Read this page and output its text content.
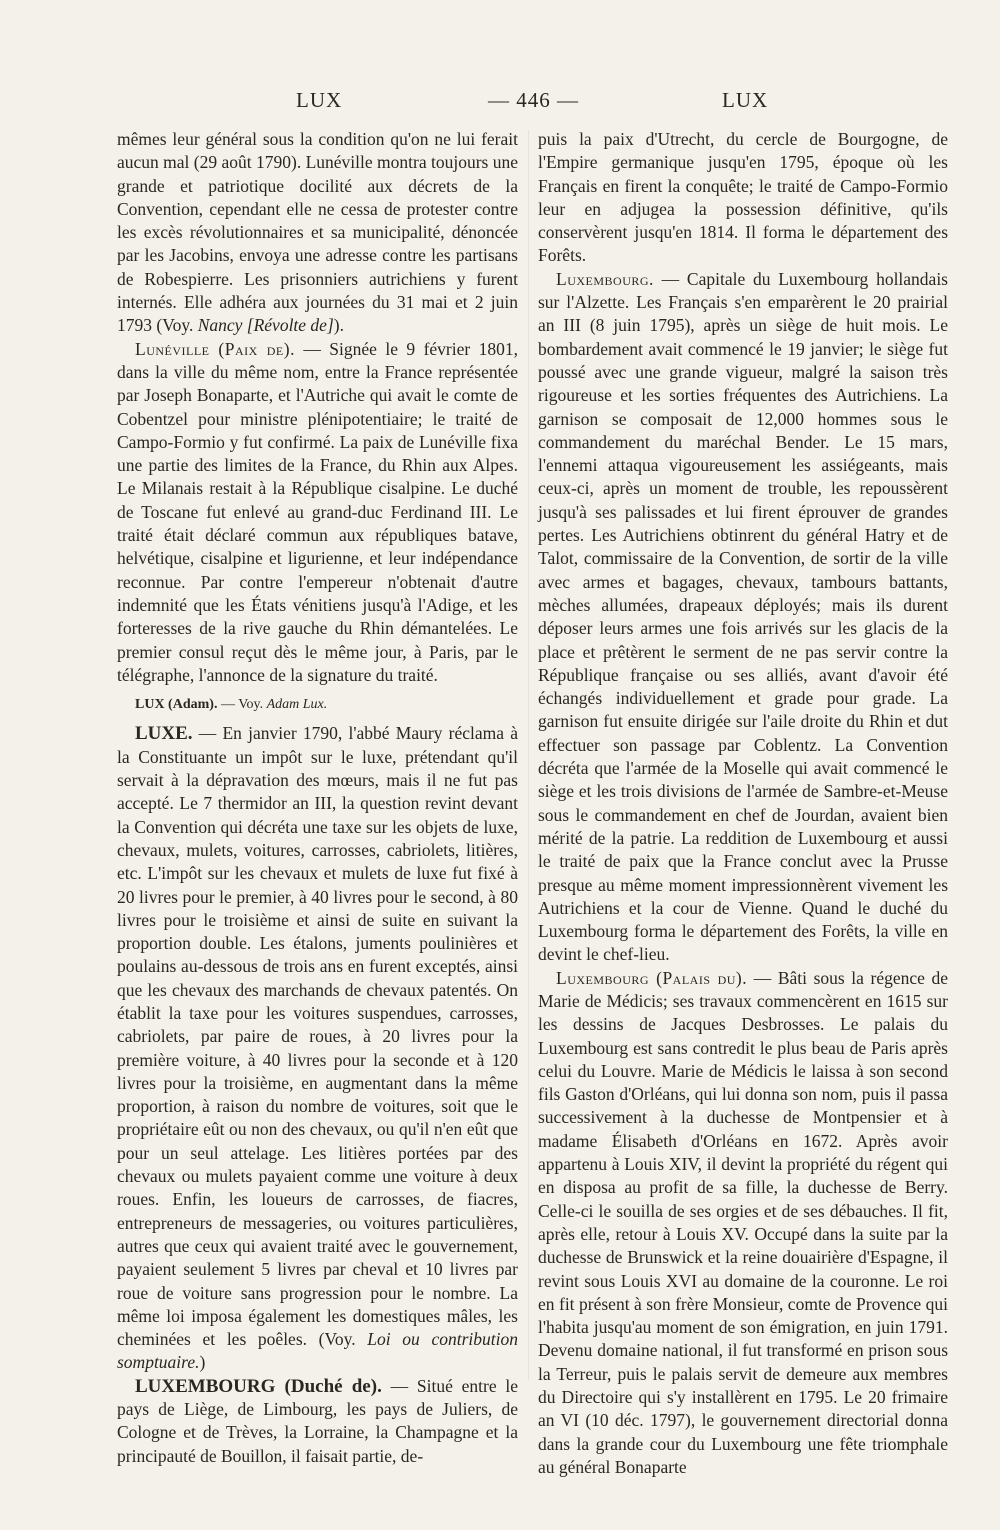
LUX	— 446 —	LUX

mêmes leur général sous la condition qu'on ne lui ferait aucun mal (29 août 1790). Lunéville montra toujours une grande et patriotique docilité aux décrets de la Convention, cependant elle ne cessa de protester contre les excès révolutionnaires et sa municipalité, dénoncée par les Jacobins, envoya une adresse contre les partisans de Robespierre. Les prisonniers autrichiens y furent internés. Elle adhéra aux journées du 31 mai et 2 juin 1793 (Voy. Nancy [Révolte de]).

Lunéville (Paix de). — Signée le 9 février 1801, dans la ville du même nom, entre la France représentée par Joseph Bonaparte, et l'Autriche qui avait le comte de Cobentzel pour ministre plénipotentiaire; le traité de Campo-Formio y fut confirmé. La paix de Lunéville fixa une partie des limites de la France, du Rhin aux Alpes. Le Milanais restait à la République cisalpine. Le duché de Toscane fut enlevé au grand-duc Ferdinand III. Le traité était déclaré commun aux républiques batave, helvétique, cisalpine et ligurienne, et leur indépendance reconnue. Par contre l'empereur n'obtenait d'autre indemnité que les États vénitiens jusqu'à l'Adige, et les forteresses de la rive gauche du Rhin démantelées. Le premier consul reçut dès le même jour, à Paris, par le télégraphe, l'annonce de la signature du traité.

LUX (Adam). — Voy. Adam Lux.

LUXE. — En janvier 1790, l'abbé Maury réclama à la Constituante un impôt sur le luxe, prétendant qu'il servait à la dépravation des mœurs, mais il ne fut pas accepté. Le 7 thermidor an III, la question revint devant la Convention qui décréta une taxe sur les objets de luxe, chevaux, mulets, voitures, carrosses, cabriolets, litières, etc. L'impôt sur les chevaux et mulets de luxe fut fixé à 20 livres pour le premier, à 40 livres pour le second, à 80 livres pour le troisième et ainsi de suite en suivant la proportion double. Les étalons, juments poulinières et poulains au-dessous de trois ans en furent exceptés, ainsi que les chevaux des marchands de chevaux patentés. On établit la taxe pour les voitures suspendues, carrosses, cabriolets, par paire de roues, à 20 livres pour la première voiture, à 40 livres pour la seconde et à 120 livres pour la troisième, en augmentant dans la même proportion, à raison du nombre de voitures, soit que le propriétaire eût ou non des chevaux, ou qu'il n'en eût que pour un seul attelage. Les litières portées par des chevaux ou mulets payaient comme une voiture à deux roues. Enfin, les loueurs de carrosses, de fiacres, entrepreneurs de messageries, ou voitures particulières, autres que ceux qui avaient traité avec le gouvernement, payaient seulement 5 livres par cheval et 10 livres par roue de voiture sans progression pour le nombre. La même loi imposa également les domestiques mâles, les cheminées et les poêles. (Voy. Loi ou contribution somptuaire.)

LUXEMBOURG (Duché de). — Situé entre le pays de Liège, de Limbourg, les pays de Juliers, de Cologne et de Trèves, la Lorraine, la Champagne et la principauté de Bouillon, il faisait partie, de-

puis la paix d'Utrecht, du cercle de Bourgogne, de l'Empire germanique jusqu'en 1795, époque où les Français en firent la conquête; le traité de Campo-Formio leur en adjugea la possession définitive, qu'ils conservèrent jusqu'en 1814. Il forma le département des Forêts.

Luxembourg. — Capitale du Luxembourg hollandais sur l'Alzette. Les Français s'en emparèrent le 20 prairial an III (8 juin 1795), après un siège de huit mois. Le bombardement avait commencé le 19 janvier; le siège fut poussé avec une grande vigueur, malgré la saison très rigoureuse et les sorties fréquentes des Autrichiens. La garnison se composait de 12,000 hommes sous le commandement du maréchal Bender. Le 15 mars, l'ennemi attaqua vigoureusement les assiégeants, mais ceux-ci, après un moment de trouble, les repoussèrent jusqu'à ses palissades et lui firent éprouver de grandes pertes. Les Autrichiens obtinrent du général Hatry et de Talot, commissaire de la Convention, de sortir de la ville avec armes et bagages, chevaux, tambours battants, mèches allumées, drapeaux déployés; mais ils durent déposer leurs armes une fois arrivés sur les glacis de la place et prêtèrent le serment de ne pas servir contre la République française ou ses alliés, avant d'avoir été échangés individuellement et grade pour grade. La garnison fut ensuite dirigée sur l'aile droite du Rhin et dut effectuer son passage par Coblentz. La Convention décréta que l'armée de la Moselle qui avait commencé le siège et les trois divisions de l'armée de Sambre-et-Meuse sous le commandement en chef de Jourdan, avaient bien mérité de la patrie. La reddition de Luxembourg et aussi le traité de paix que la France conclut avec la Prusse presque au même moment impressionnèrent vivement les Autrichiens et la cour de Vienne. Quand le duché du Luxembourg forma le département des Forêts, la ville en devint le chef-lieu.

Luxembourg (Palais du). — Bâti sous la régence de Marie de Médicis; ses travaux commencèrent en 1615 sur les dessins de Jacques Desbrosses. Le palais du Luxembourg est sans contredit le plus beau de Paris après celui du Louvre. Marie de Médicis le laissa à son second fils Gaston d'Orléans, qui lui donna son nom, puis il passa successivement à la duchesse de Montpensier et à madame Élisabeth d'Orléans en 1672. Après avoir appartenu à Louis XIV, il devint la propriété du régent qui en disposa au profit de sa fille, la duchesse de Berry. Celle-ci le souilla de ses orgies et de ses débauches. Il fit, après elle, retour à Louis XV. Occupé dans la suite par la duchesse de Brunswick et la reine douairière d'Espagne, il revint sous Louis XVI au domaine de la couronne. Le roi en fit présent à son frère Monsieur, comte de Provence qui l'habita jusqu'au moment de son émigration, en juin 1791. Devenu domaine national, il fut transformé en prison sous la Terreur, puis le palais servit de demeure aux membres du Directoire qui s'y installèrent en 1795. Le 20 frimaire an VI (10 déc. 1797), le gouvernement directorial donna dans la grande cour du Luxembourg une fête triomphale au général Bonaparte
